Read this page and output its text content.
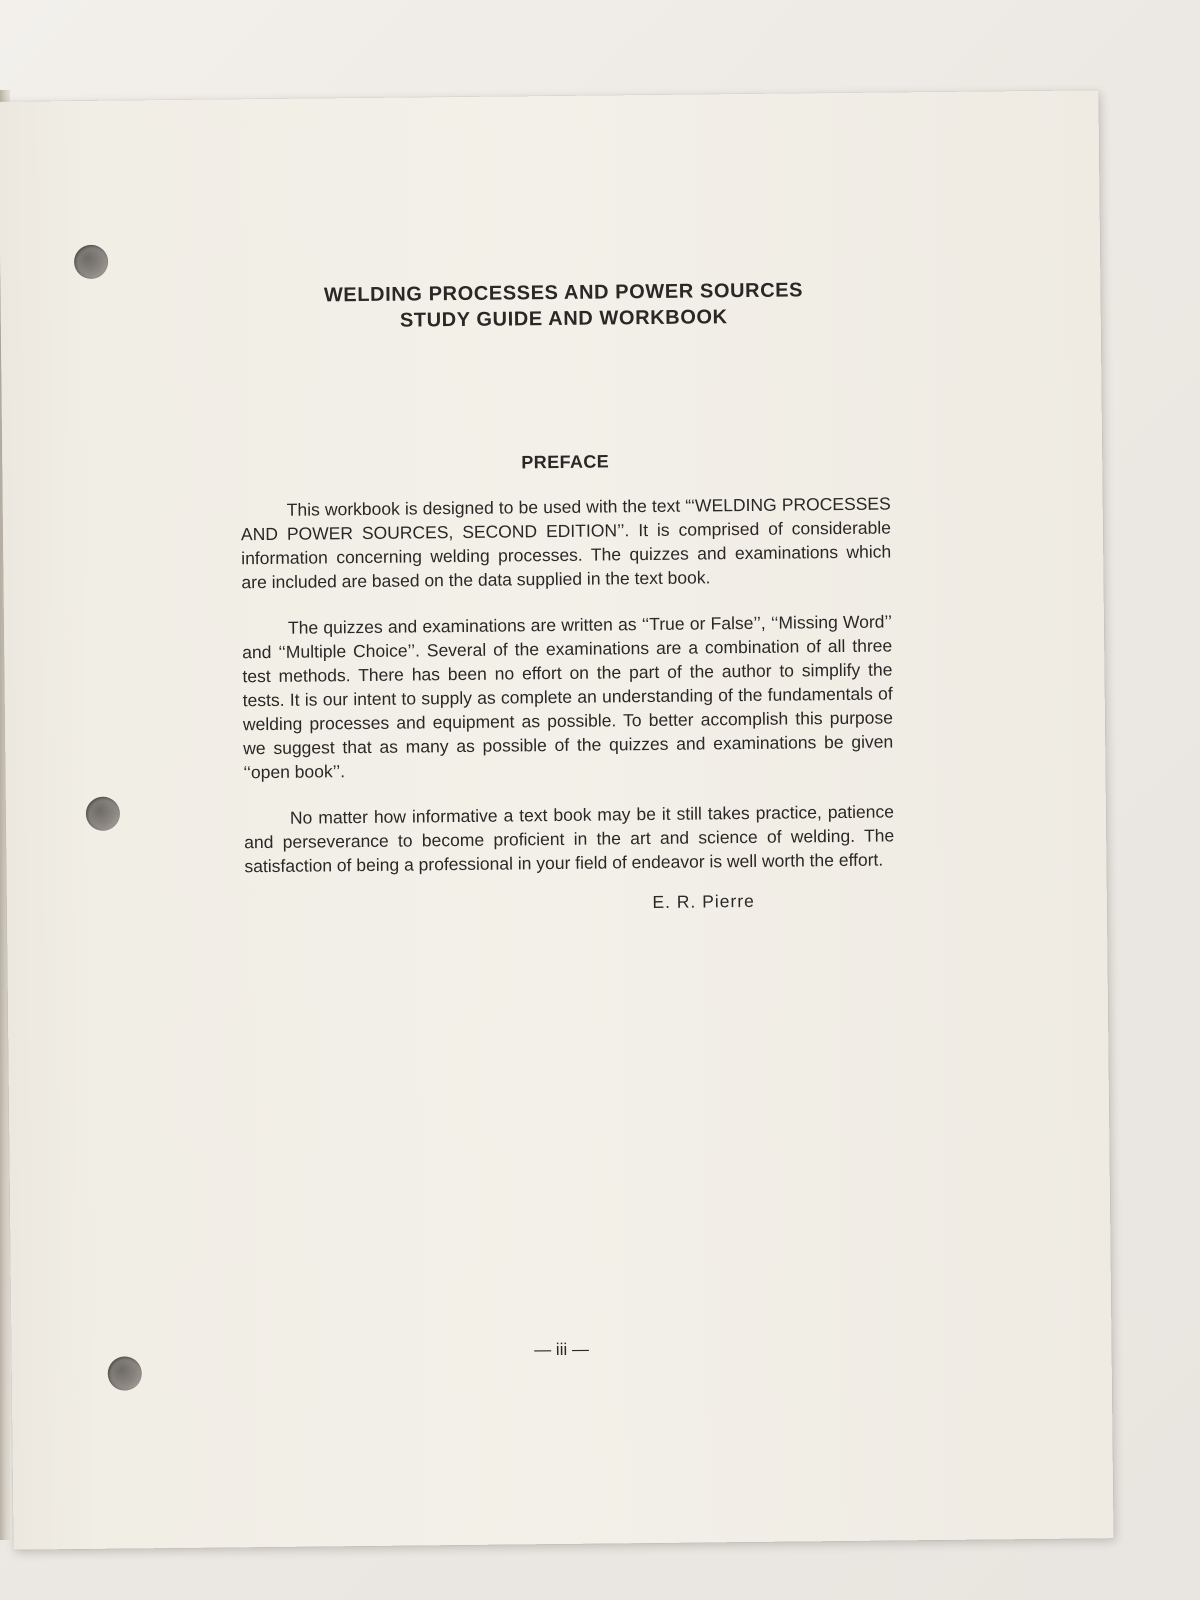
WELDING PROCESSES AND POWER SOURCES
STUDY GUIDE AND WORKBOOK
PREFACE

This workbook is designed to be used with the text “‘WELDING PROCESSES AND POWER SOURCES, SECOND EDITION’’. It is comprised of considerable information concerning welding processes. The quizzes and examinations which are included are based on the data supplied in the text book.

The quizzes and examinations are written as ‘‘True or False’’, ‘‘Missing Word’’ and ‘‘Multiple Choice’’. Several of the examinations are a combination of all three test methods. There has been no effort on the part of the author to simplify the tests. It is our intent to supply as complete an understanding of the fundamentals of welding processes and equipment as possible. To better accomplish this purpose we suggest that as many as possible of the quizzes and examinations be given ‘‘open book’’.

No matter how informative a text book may be it still takes practice, patience and perseverance to become proficient in the art and science of welding. The satisfaction of being a professional in your field of endeavor is well worth the effort.

E. R. Pierre
— iii —
